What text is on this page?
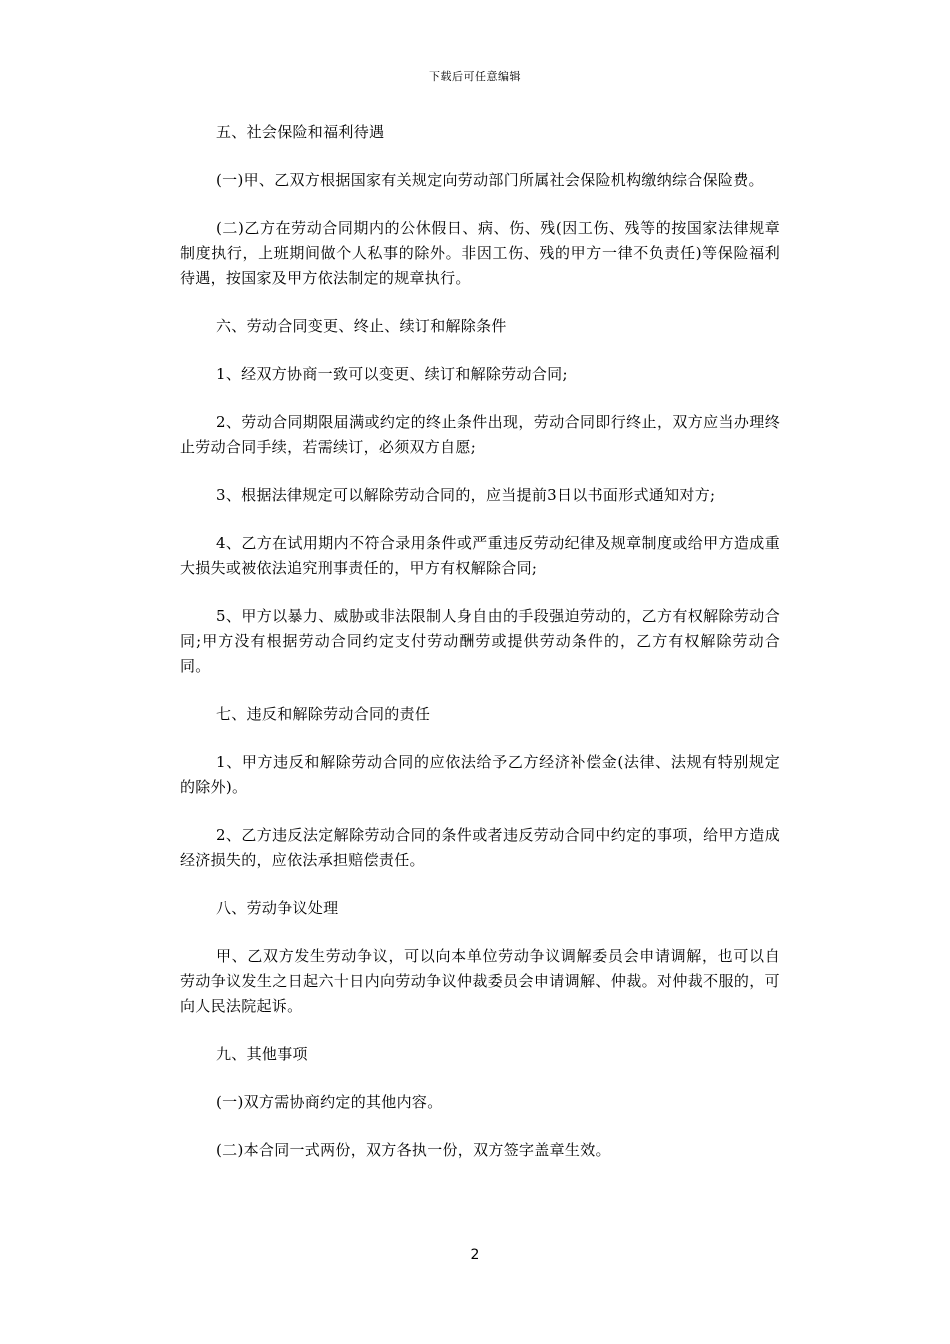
下载后可任意编辑

五、社会保险和福利待遇

(一)甲、乙双方根据国家有关规定向劳动部门所属社会保险机构缴纳综合保险费。

(二)乙方在劳动合同期内的公休假日、病、伤、残(因工伤、残等的按国家法律规章制度执行，上班期间做个人私事的除外。非因工伤、残的甲方一律不负责任)等保险福利待遇，按国家及甲方依法制定的规章执行。

六、劳动合同变更、终止、续订和解除条件

1、经双方协商一致可以变更、续订和解除劳动合同;

2、劳动合同期限届满或约定的终止条件出现，劳动合同即行终止，双方应当办理终止劳动合同手续，若需续订，必须双方自愿;

3、根据法律规定可以解除劳动合同的，应当提前3日以书面形式通知对方;

4、乙方在试用期内不符合录用条件或严重违反劳动纪律及规章制度或给甲方造成重大损失或被依法追究刑事责任的，甲方有权解除合同;

5、甲方以暴力、威胁或非法限制人身自由的手段强迫劳动的，乙方有权解除劳动合同;甲方没有根据劳动合同约定支付劳动酬劳或提供劳动条件的，乙方有权解除劳动合同。

七、违反和解除劳动合同的责任

1、甲方违反和解除劳动合同的应依法给予乙方经济补偿金(法律、法规有特别规定的除外)。

2、乙方违反法定解除劳动合同的条件或者违反劳动合同中约定的事项，给甲方造成经济损失的，应依法承担赔偿责任。

八、劳动争议处理

甲、乙双方发生劳动争议，可以向本单位劳动争议调解委员会申请调解，也可以自劳动争议发生之日起六十日内向劳动争议仲裁委员会申请调解、仲裁。对仲裁不服的，可向人民法院起诉。

九、其他事项

(一)双方需协商约定的其他内容。

(二)本合同一式两份，双方各执一份，双方签字盖章生效。

2
